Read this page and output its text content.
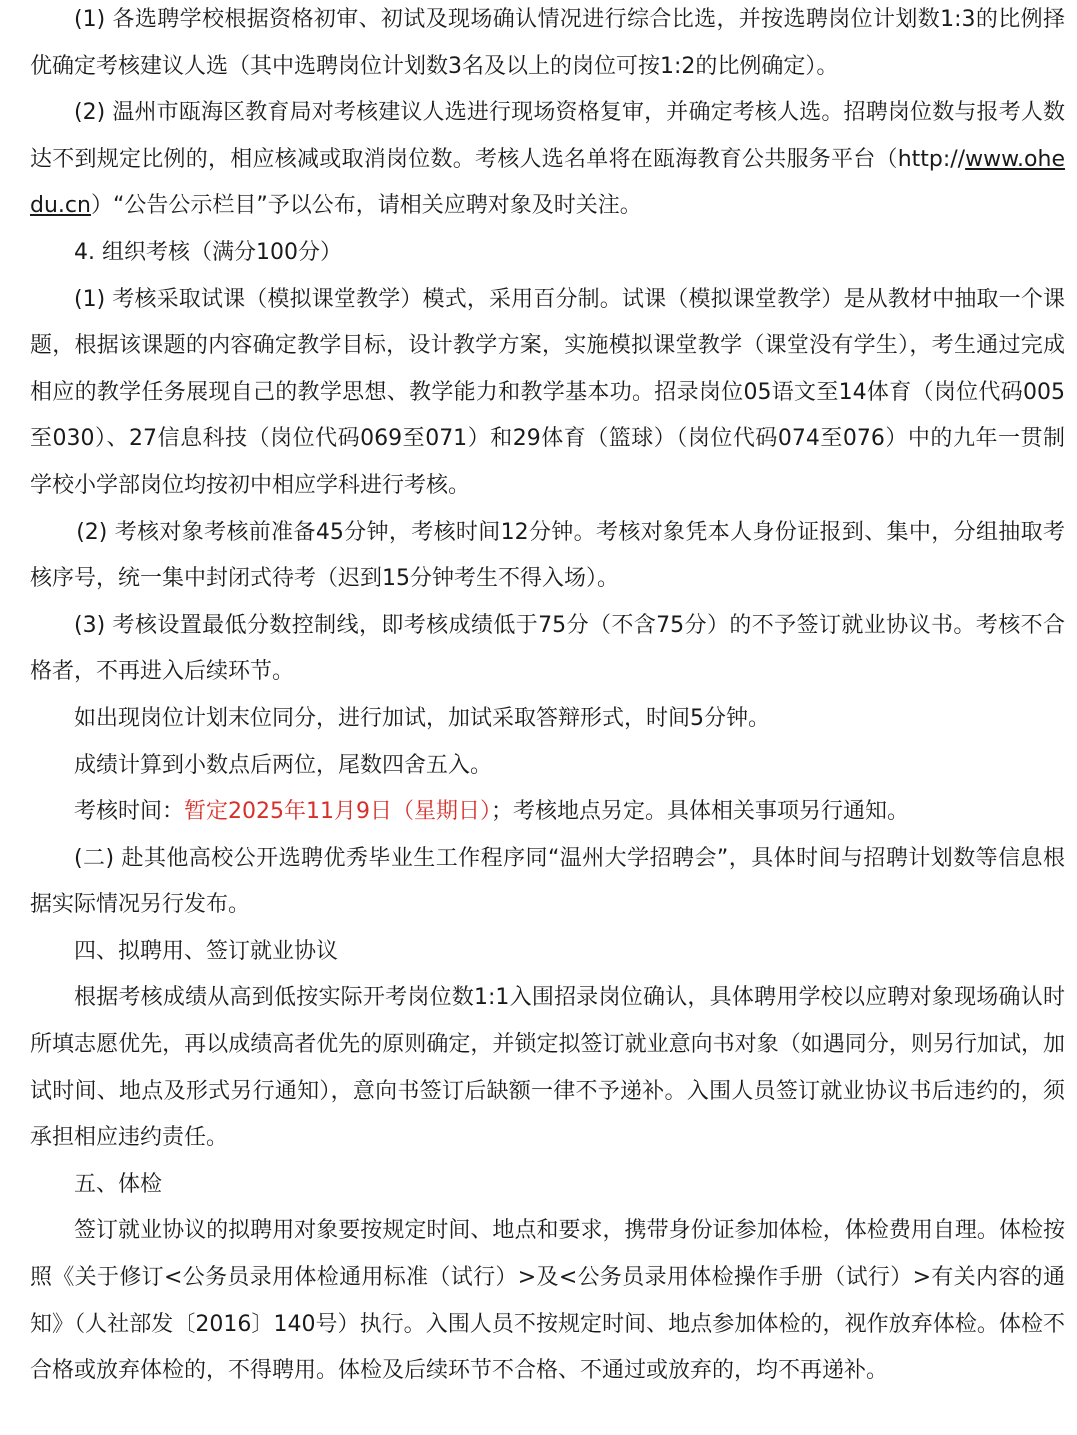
(1) 各选聘学校根据资格初审、初试及现场确认情况进行综合比选，并按选聘岗位计划数1:3的比例择优确定考核建议人选（其中选聘岗位计划数3名及以上的岗位可按1:2的比例确定）。

(2) 温州市瓯海区教育局对考核建议人选进行现场资格复审，并确定考核人选。招聘岗位数与报考人数达不到规定比例的，相应核减或取消岗位数。考核人选名单将在瓯海教育公共服务平台（http://www.ohedu.cn）“公告公示栏目”予以公布，请相关应聘对象及时关注。

4. 组织考核（满分100分）

(1) 考核采取试课（模拟课堂教学）模式，采用百分制。试课（模拟课堂教学）是从教材中抽取一个课题，根据该课题的内容确定教学目标，设计教学方案，实施模拟课堂教学（课堂没有学生），考生通过完成相应的教学任务展现自己的教学思想、教学能力和教学基本功。招录岗位05语文至14体育（岗位代码005至030）、27信息科技（岗位代码069至071）和29体育（篮球）（岗位代码074至076）中的九年一贯制学校小学部岗位均按初中相应学科进行考核。

(2) 考核对象考核前准备45分钟，考核时间12分钟。考核对象凭本人身份证报到、集中，分组抽取考核序号，统一集中封闭式待考（迟到15分钟考生不得入场）。

(3) 考核设置最低分数控制线，即考核成绩低于75分（不含75分）的不予签订就业协议书。考核不合格者，不再进入后续环节。

如出现岗位计划末位同分，进行加试，加试采取答辩形式，时间5分钟。

成绩计算到小数点后两位，尾数四舍五入。

考核时间：暂定2025年11月9日（星期日）；考核地点另定。具体相关事项另行通知。

(二) 赴其他高校公开选聘优秀毕业生工作程序同“温州大学招聘会”，具体时间与招聘计划数等信息根据实际情况另行发布。

四、拟聘用、签订就业协议

根据考核成绩从高到低按实际开考岗位数1:1入围招录岗位确认，具体聘用学校以应聘对象现场确认时所填志愿优先，再以成绩高者优先的原则确定，并锁定拟签订就业意向书对象（如遇同分，则另行加试，加试时间、地点及形式另行通知），意向书签订后缺额一律不予递补。入围人员签订就业协议书后违约的，须承担相应违约责任。

五、体检

签订就业协议的拟聘用对象要按规定时间、地点和要求，携带身份证参加体检，体检费用自理。体检按照《关于修订<公务员录用体检通用标准（试行）>及<公务员录用体检操作手册（试行）>有关内容的通知》（人社部发〔2016〕140号）执行。入围人员不按规定时间、地点参加体检的，视作放弃体检。体检不合格或放弃体检的，不得聘用。体检及后续环节不合格、不通过或放弃的，均不再递补。
